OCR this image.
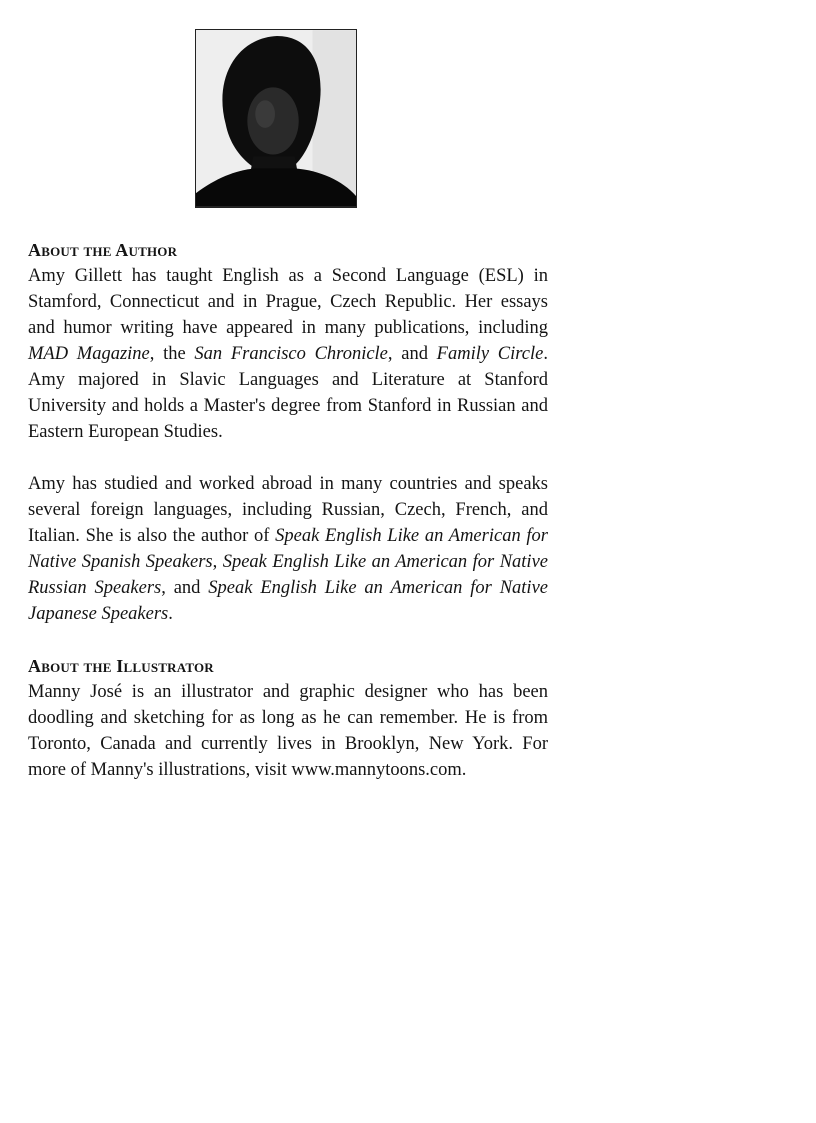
About the Author

Amy Gillett has taught English as a Second Language (ESL) in Stamford, Connecticut and in Prague, Czech Republic. Her essays and humor writing have appeared in many publications, including MAD Magazine, the San Francisco Chronicle, and Family Circle. Amy majored in Slavic Languages and Literature at Stanford University and holds a Master's degree from Stanford in Russian and Eastern European Studies.

Amy has studied and worked abroad in many countries and speaks several foreign languages, including Russian, Czech, French, and Italian. She is also the author of Speak English Like an American for Native Spanish Speakers, Speak English Like an American for Native Russian Speakers, and Speak English Like an American for Native Japanese Speakers.

About the Illustrator

Manny José is an illustrator and graphic designer who has been doodling and sketching for as long as he can remember. He is from Toronto, Canada and currently lives in Brooklyn, New York. For more of Manny's illustrations, visit www.mannytoons.com.
